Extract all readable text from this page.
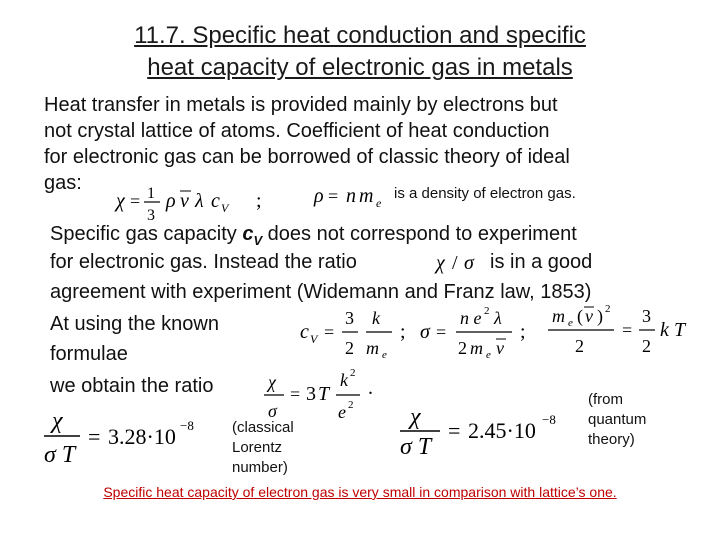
11.7. Specific heat conduction and specific
heat capacity of electronic gas in metals
Heat transfer in metals is provided mainly by electrons but
not crystal lattice of atoms. Coefficient of heat conduction
for electronic gas can be borrowed of classic theory of ideal
gas:
χ = 1
3
ρ v λ c V ;	ρ = n m e
is a density of electron gas.
Specific gas capacity $c_V$ does not correspond to experiment
for electronic gas. Instead the ratio	χ / σ is in a good
agreement with experiment (Widemann and Franz law, 1853)
At using the known
formulae
we obtain the ratio
c V =
3
2
k
m e
; σ =
n e 2 λ
2 m e v
;
m e ( v ) 2
2
=
3
2
k T
χ
σ
= 3 T
k 2
e 2
.
χ
σ T
= 3.28·10 −8	(classical
Lorentz
number)
χ
σ T
= 2.45·10 −8
(from
quantum
theory)
Specific heat capacity of electron gas is very small in comparison with lattice’s one.
